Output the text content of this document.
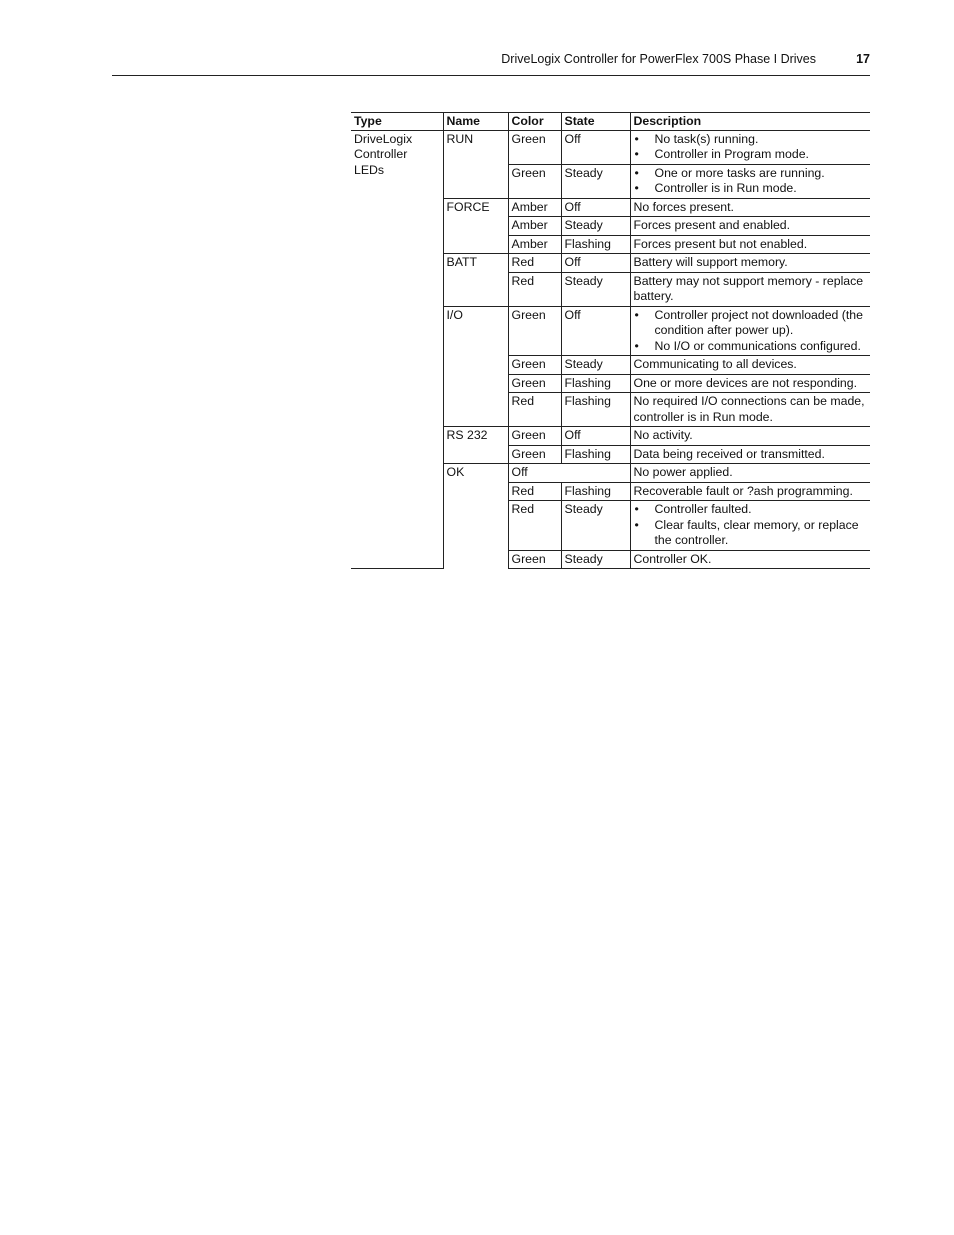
DriveLogix Controller for PowerFlex 700S Phase I Drives	17
Type	Name	Color	State	Description
DriveLogix Controller LEDs	RUN	Green	Off	• No task(s) running.
• Controller in Program mode.

		Green	Steady	• One or more tasks are running.
• Controller is in Run mode.

	FORCE	Amber	Off	No forces present.
		Amber	Steady	Forces present and enabled.
		Amber	Flashing	Forces present but not enabled.
	BATT	Red	Off	Battery will support memory.
		Red	Steady	Battery may not support memory - replace battery.
	I/O	Green	Off	• Controller project not downloaded (the condition after power up).
• No I/O or communications configured.

		Green	Steady	Communicating to all devices.
		Green	Flashing	One or more devices are not responding.
		Red	Flashing	No required I/O connections can be made, controller is in Run mode.
	RS 232	Green	Off	No activity.
		Green	Flashing	Data being received or transmitted.
	OK	Off		No power applied.
		Red	Flashing	Recoverable fault or ?ash programming.
		Red	Steady	• Controller faulted.
• Clear faults, clear memory, or replace the controller.

		Green	Steady	Controller OK.
